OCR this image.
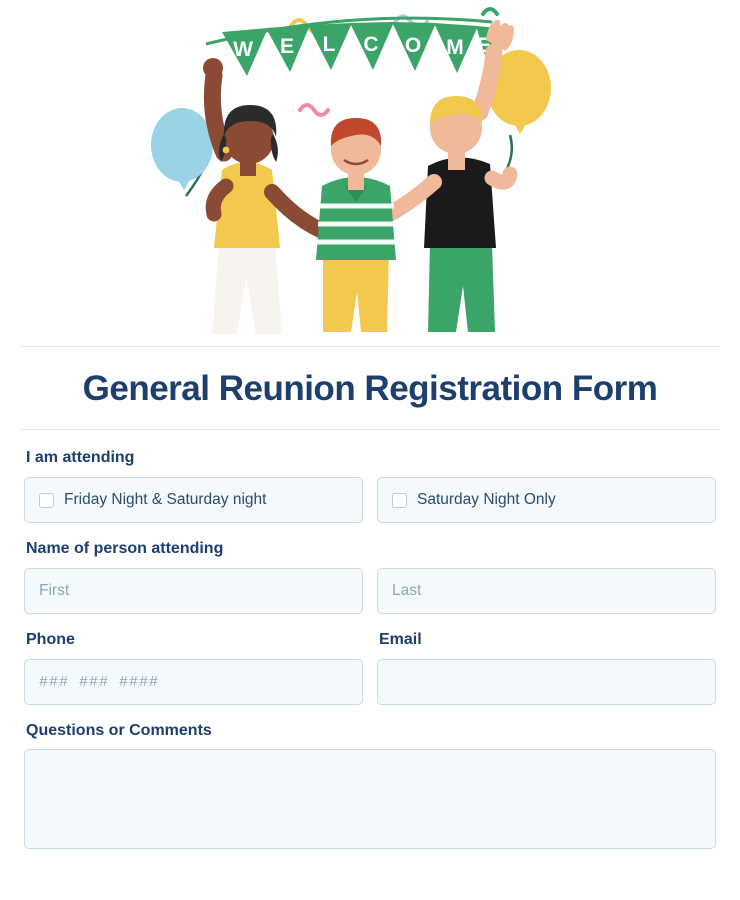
W E L C O M E
General Reunion Registration Form
I am attending
Friday Night & Saturday night	Saturday Night Only
Name of person attending
First
Last
Phone	Email
### ### ####
Questions or Comments
